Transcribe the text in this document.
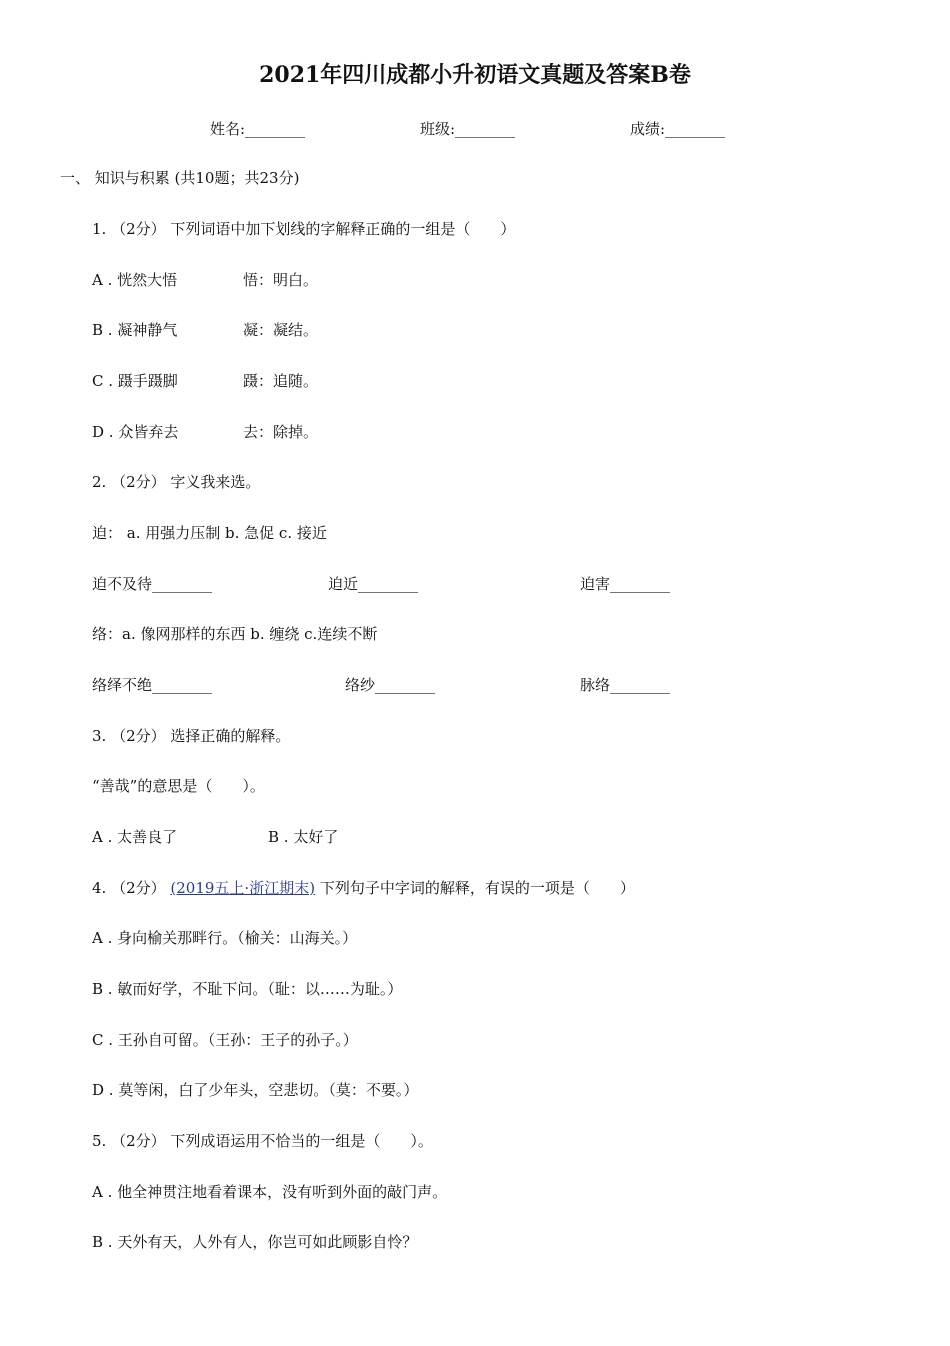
2021年四川成都小升初语文真题及答案B卷
姓名:________	班级:________	成绩:________
一、 知识与积累 (共10题；共23分)
1. （2分） 下列词语中加下划线的字解释正确的一组是（　　）
A . 恍然大悟	悟：明白。
B . 凝神静气	凝：凝结。
C . 蹑手蹑脚	蹑：追随。
D . 众皆弃去	去：除掉。
2. （2分） 字义我来选。
迫： a. 用强力压制 b. 急促 c. 接近
迫不及待________	迫近________	迫害________
络：a. 像网那样的东西 b. 缠绕 c.连续不断
络绎不绝________	络纱________	脉络________
3. （2分） 选择正确的解释。
“善哉”的意思是（　　）。
A . 太善良了	B . 太好了
4. （2分） (2019五上·浙江期末) 下列句子中字词的解释，有误的一项是（　　）
A . 身向榆关那畔行。（榆关：山海关。）
B . 敏而好学，不耻下问。（耻：以……为耻。）
C . 王孙自可留。（王孙：王子的孙子。）
D . 莫等闲，白了少年头，空悲切。（莫：不要。）
5. （2分） 下列成语运用不恰当的一组是（　　）。
A . 他全神贯注地看着课本，没有听到外面的敲门声。
B . 天外有天，人外有人，你岂可如此顾影自怜？
